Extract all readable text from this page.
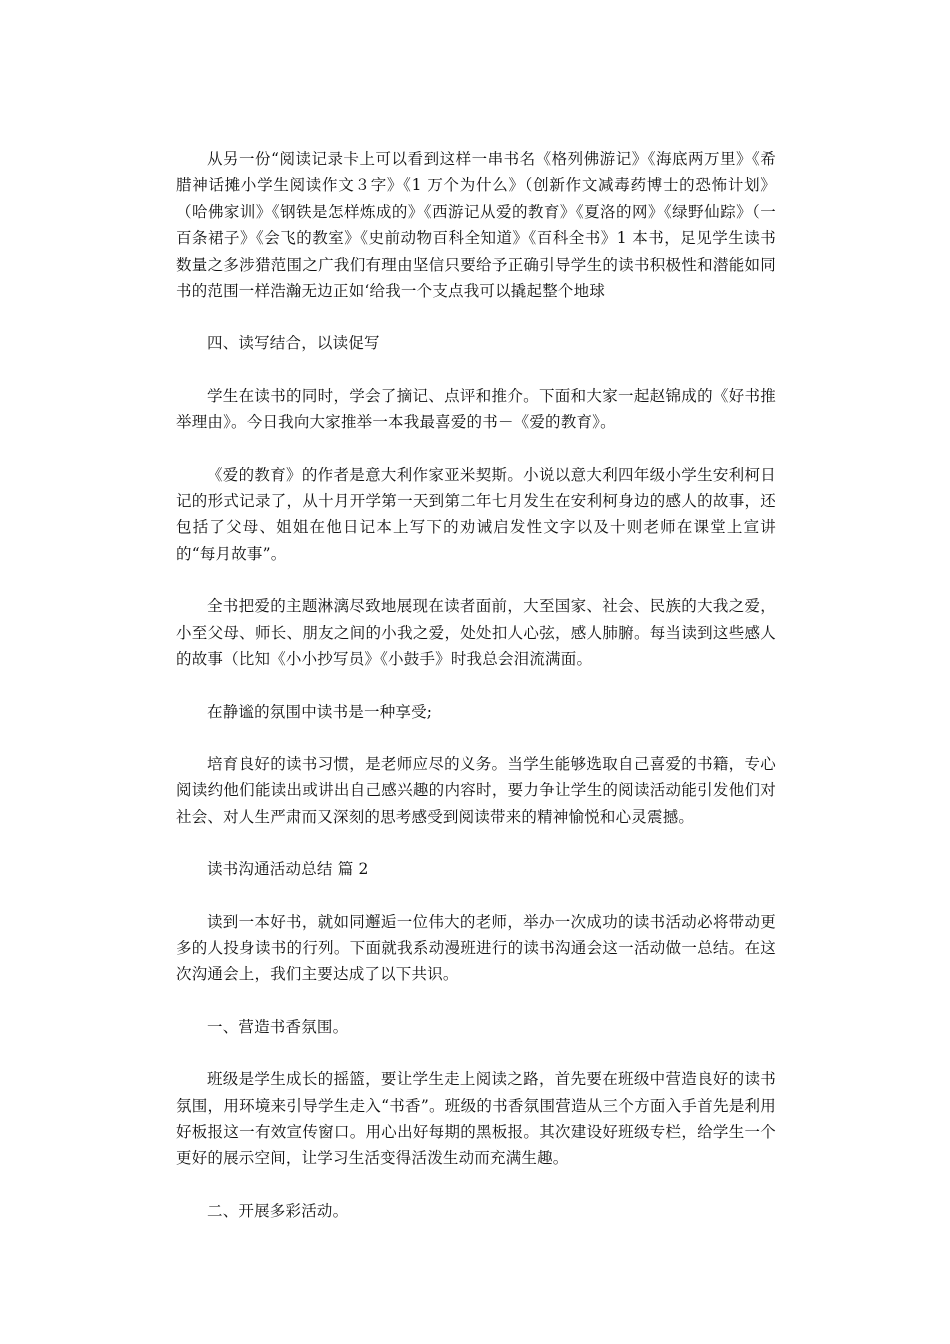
从另一份“阅读记录卡上可以看到这样一串书名《格列佛游记》《海底两万里》《希腊神话摊小学生阅读作文３字》《1 万个为什么》（创新作文减毒药博士的恐怖计划》（哈佛家训》《钢铁是怎样炼成的》《西游记从爱的教育》《夏洛的网》《绿野仙踪》（一百条裙子》《会飞的教室》《史前动物百科全知道》《百科全书》1 本书，足见学生读书数量之多涉猎范围之广我们有理由坚信只要给予正确引导学生的读书积极性和潜能如同书的范围一样浩瀚无边正如‘给我一个支点我可以撬起整个地球

四、读写结合，以读促写

学生在读书的同时，学会了摘记、点评和推介。下面和大家一起赵锦成的《好书推举理由》。今日我向大家推举一本我最喜爱的书－《爱的教育》。

《爱的教育》的作者是意大利作家亚米契斯。小说以意大利四年级小学生安利柯日记的形式记录了，从十月开学第一天到第二年七月发生在安利柯身边的感人的故事，还包括了父母、姐姐在他日记本上写下的劝诫启发性文字以及十则老师在课堂上宣讲的“每月故事”。

全书把爱的主题淋漓尽致地展现在读者面前，大至国家、社会、民族的大我之爱，小至父母、师长、朋友之间的小我之爱，处处扣人心弦，感人肺腑。每当读到这些感人的故事（比知《小小抄写员》《小鼓手》时我总会泪流满面。

在静谧的氛围中读书是一种享受;

培育良好的读书习惯，是老师应尽的义务。当学生能够选取自己喜爱的书籍，专心阅读约他们能读出或讲出自己感兴趣的内容时，要力争让学生的阅读活动能引发他们对社会、对人生严肃而又深刻的思考感受到阅读带来的精神愉悦和心灵震撼。

读书沟通活动总结 篇 2

读到一本好书，就如同邂逅一位伟大的老师，举办一次成功的读书活动必将带动更多的人投身读书的行列。下面就我系动漫班进行的读书沟通会这一活动做一总结。在这次沟通会上，我们主要达成了以下共识。

一、营造书香氛围。

班级是学生成长的摇篮，要让学生走上阅读之路，首先要在班级中营造良好的读书氛围，用环境来引导学生走入“书香”。班级的书香氛围营造从三个方面入手首先是利用好板报这一有效宣传窗口。用心出好每期的黑板报。其次建设好班级专栏，给学生一个更好的展示空间，让学习生活变得活泼生动而充满生趣。

二、开展多彩活动。
